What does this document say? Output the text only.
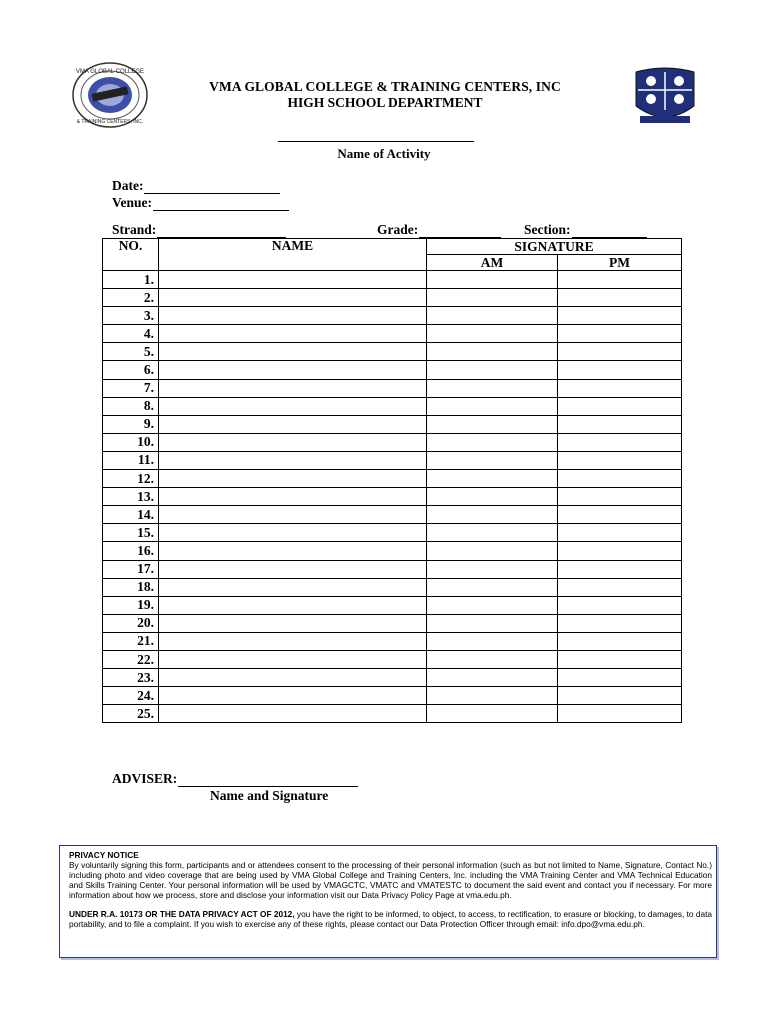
VMA GLOBAL COLLEGE
& TRAINING CENTERS, INC.
VMA GLOBAL COLLEGE & TRAINING CENTERS, INC
HIGH SCHOOL DEPARTMENT
Name of Activity
Date:
Venue:
Strand:	Grade:	Section:
NO.	NAME	SIGNATURE	
		AM	PM
1.			
2.			
3.			
4.			
5.			
6.			
7.			
8.			
9.			
10.			
11.			
12.			
13.			
14.			
15.			
16.			
17.			
18.			
19.			
20.			
21.			
22.			
23.			
24.			
25.			
ADVISER:
Name and Signature
PRIVACY NOTICE

By voluntarily signing this form, participants and or attendees consent to the processing of their personal information (such as but not limited to Name, Signature, Contact No.) including photo and video coverage that are being used by VMA Global College and Training Centers, Inc. including the VMA Training Center and VMA Technical Education and Skills Training Center. Your personal information will be used by VMAGCTC, VMATC and VMATESTC to document the said event and contact you if necessary. For more information about how we process, store and disclose your information visit our Data Privacy Policy Page at vma.edu.ph.

UNDER R.A. 10173 OR THE DATA PRIVACY ACT OF 2012, you have the right to be informed, to object, to access, to rectification, to erasure or blocking, to damages, to data portability, and to file a complaint. If you wish to exercise any of these rights, please contact our Data Protection Officer through email: info.dpo@vma.edu.ph.
